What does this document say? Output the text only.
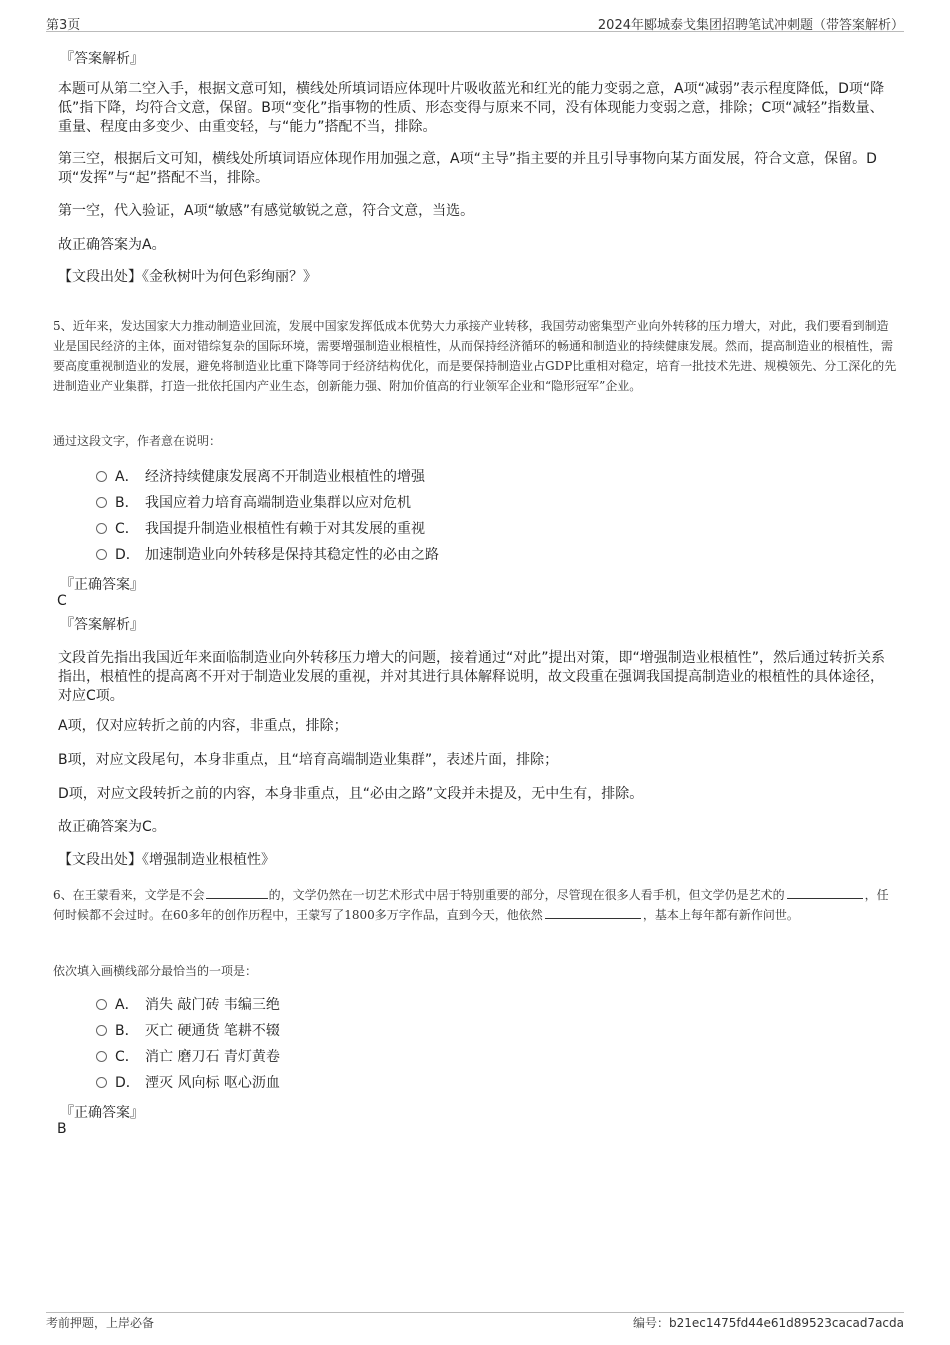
第3页	2024年郾城泰戈集团招聘笔试冲刺题（带答案解析）
『答案解析』
本题可从第二空入手，根据文意可知，横线处所填词语应体现叶片吸收蓝光和红光的能力变弱之意，A项“减弱”表示程度降低，D项“降低”指下降，均符合文意，保留。B项“变化”指事物的性质、形态变得与原来不同，没有体现能力变弱之意，排除；C项“减轻”指数量、重量、程度由多变少、由重变轻，与“能力”搭配不当，排除。
第三空，根据后文可知，横线处所填词语应体现作用加强之意，A项“主导”指主要的并且引导事物向某方面发展，符合文意，保留。D项“发挥”与“起”搭配不当，排除。
第一空，代入验证，A项“敏感”有感觉敏锐之意，符合文意，当选。
故正确答案为A。
【文段出处】《金秋树叶为何色彩绚丽？》
5、近年来，发达国家大力推动制造业回流，发展中国家发挥低成本优势大力承接产业转移，我国劳动密集型产业向外转移的压力增大，对此，我们要看到制造业是国民经济的主体，面对错综复杂的国际环境，需要增强制造业根植性，从而保持经济循环的畅通和制造业的持续健康发展。然而，提高制造业的根植性，需要高度重视制造业的发展，避免将制造业比重下降等同于经济结构优化，而是要保持制造业占GDP比重相对稳定，培育一批技术先进、规模领先、分工深化的先进制造业产业集群，打造一批依托国内产业生态，创新能力强、附加价值高的行业领军企业和“隐形冠军”企业。
通过这段文字，作者意在说明：
A． 经济持续健康发展离不开制造业根植性的增强
B． 我国应着力培育高端制造业集群以应对危机
C． 我国提升制造业根植性有赖于对其发展的重视
D． 加速制造业向外转移是保持其稳定性的必由之路
『正确答案』
C
『答案解析』
文段首先指出我国近年来面临制造业向外转移压力增大的问题，接着通过“对此”提出对策，即“增强制造业根植性”，然后通过转折关系指出，根植性的提高离不开对于制造业发展的重视，并对其进行具体解释说明，故文段重在强调我国提高制造业的根植性的具体途径，对应C项。
A项，仅对应转折之前的内容，非重点，排除；
B项，对应文段尾句，本身非重点，且“培育高端制造业集群”，表述片面，排除；
D项，对应文段转折之前的内容，本身非重点，且“必由之路”文段并未提及，无中生有，排除。
故正确答案为C。
【文段出处】《增强制造业根植性》
6、在王蒙看来，文学是不会	的，文学仍然在一切艺术形式中居于特别重要的部分，尽管现在很多人看手机，但文学仍是艺术的	，任何时候都不会过时。在60多年的创作历程中，王蒙写了1800多万字作品，直到今天，他依然	，基本上每年都有新作问世。
依次填入画横线部分最恰当的一项是：
A． 消失 敲门砖 韦编三绝
B． 灭亡 硬通货 笔耕不辍
C． 消亡 磨刀石 青灯黄卷
D． 湮灭 风向标 呕心沥血
『正确答案』
B
考前押题，上岸必备	编号：b21ec1475fd44e61d89523cacad7acda
